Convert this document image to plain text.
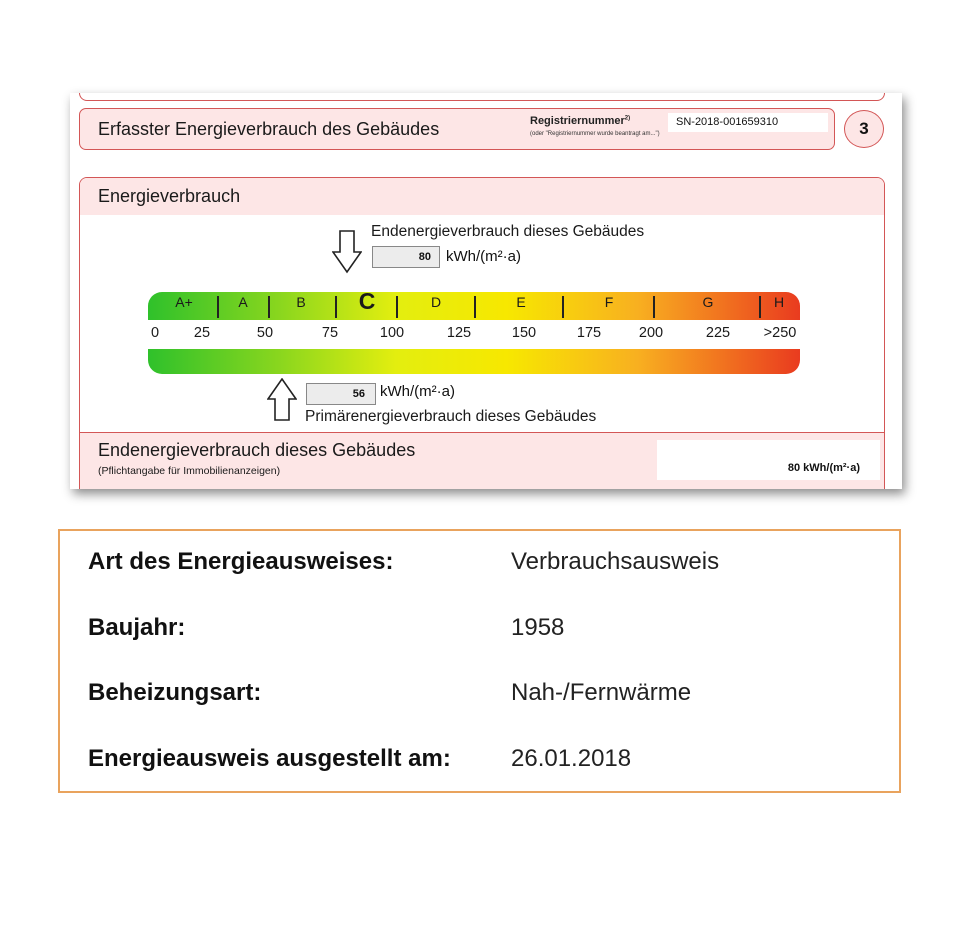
Erfasster Energieverbrauch des Gebäudes	Registriernummer$^{2)}$
(oder "Registriernummer wurde beantragt am...")
SN-2018-001659310	3
Energieverbrauch
Endenergieverbrauch dieses Gebäudes
80	kWh/(m²·a)
A+	A	B C	D	E	F	G	H
0 25	50	75	100	125	150	175	200	225 >250
56	kWh/(m²·a)
Primärenergieverbrauch dieses Gebäudes
Endenergieverbrauch dieses Gebäudes
(Pflichtangabe für Immobilienanzeigen)	80 kWh/(m²·a)
Art des Energieausweises:	Verbrauchsausweis
Baujahr:	1958
Beheizungsart:	Nah-/Fernwärme
Energieausweis ausgestellt am:	26.01.2018
